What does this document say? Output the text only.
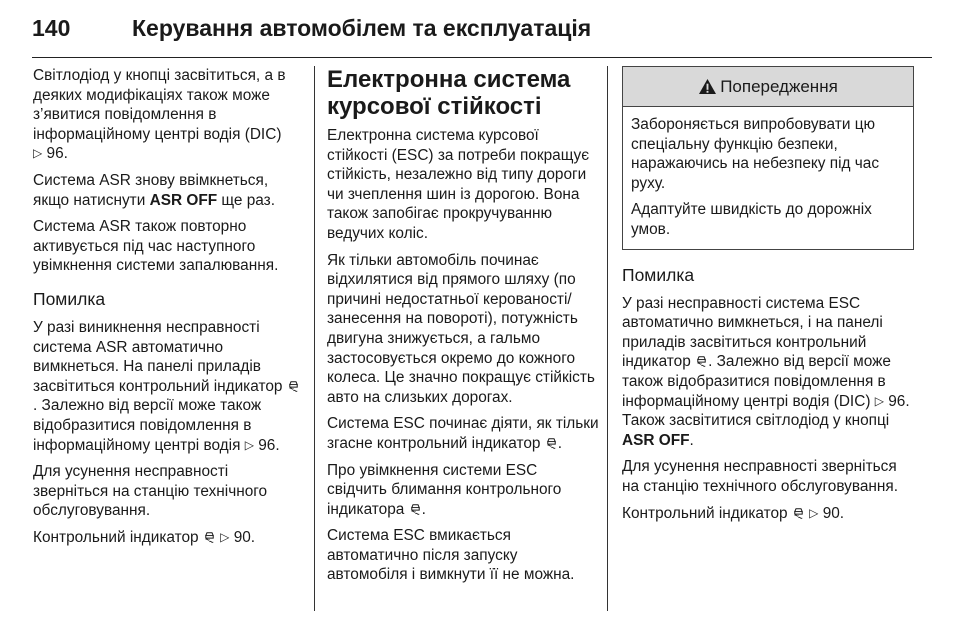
140	Керування автомобілем та експлуатація

Світлодіод у кнопці засвітиться, а в деяких модифікаціях також може з’явитися повідомлення в інформаційному центрі водія (DIC)
▷ 96.

Система ASR знову ввімкнеться, якщо натиснути ASR OFF ще раз.

Система ASR також повторно активується під час наступного увімкнення системи запалювання.

Помилка

У разі виникнення несправності система ASR автоматично вимкнеться. На панелі приладів засвітиться контрольний індикатор . Залежно від версії може також відобразитися повідомлення в інформаційному центрі водія ▷ 96.

Для усунення несправності зверніться на станцію технічного обслуговування.

Контрольний індикатор ▷ 90.

Електронна система курсової стійкості

Електронна система курсової стійкості (ESC) за потреби покращує стійкість, незалежно від типу дороги чи зчеплення шин із дорогою. Вона також запобігає прокручуванню ведучих коліс.

Як тільки автомобіль починає відхилятися від прямого шляху (по причині недостатньої керованості/занесення на повороті), потужність двигуна знижується, а гальмо застосовується окремо до кожного колеса. Це значно покращує стійкість авто на слизьких дорогах.

Система ESC починає діяти, як тільки згасне контрольний індикатор .

Про увімкнення системи ESC свідчить блимання контрольного індикатора .

Система ESC вмикається автоматично після запуску автомобіля і вимкнути її не можна.

Попередження

Забороняється випробовувати цю спеціальну функцію безпеки, наражаючись на небезпеку під час руху.

Адаптуйте швидкість до дорожніх умов.

Помилка

У разі несправності система ESC автоматично вимкнеться, і на панелі приладів засвітиться контрольний індикатор . Залежно від версії може також відобразитися повідомлення в інформаційному центрі водія (DIC) ▷ 96. Також засвітитися світлодіод у кнопці ASR OFF.

Для усунення несправності зверніться на станцію технічного обслуговування.

Контрольний індикатор ▷ 90.
